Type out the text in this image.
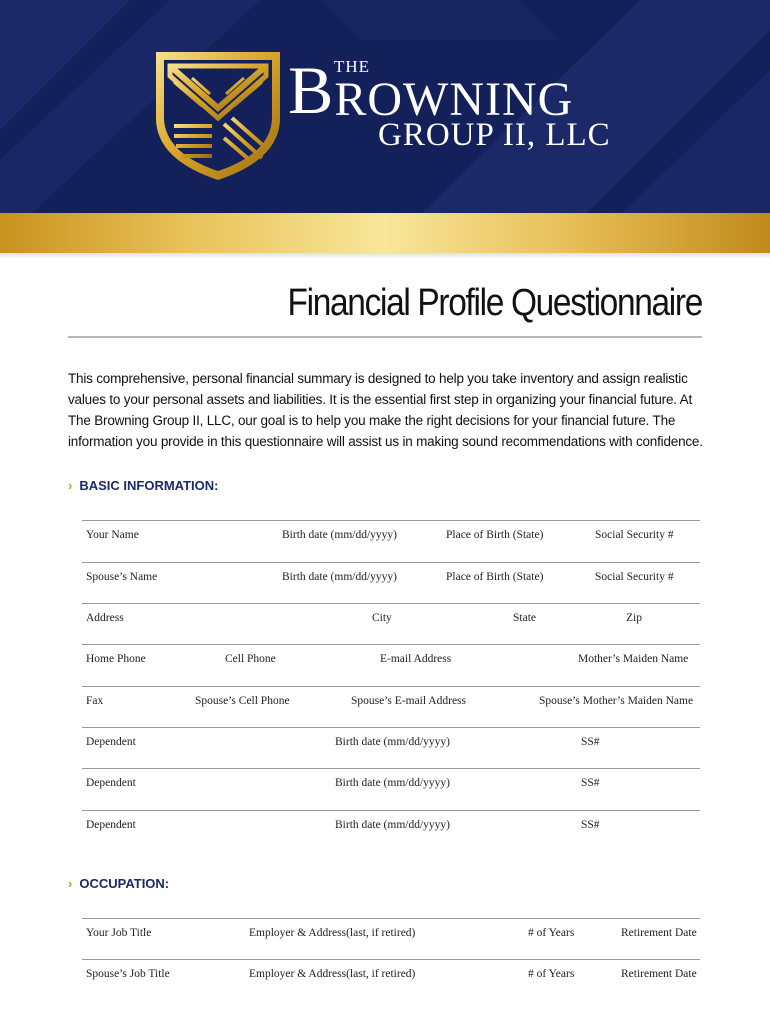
BROWNING
THE
GROUP II, LLC
Financial Profile Questionnaire

This comprehensive, personal financial summary is designed to help you take inventory and assign realistic

values to your personal assets and liabilities. It is the essential first step in organizing your financial future. At

The Browning Group II, LLC, our goal is to help you make the right decisions for your financial future. The

information you provide in this questionnaire will assist us in making sound recommendations with confidence.

› BASIC INFORMATION:
Your Name	Birth date (mm/dd/yyyy)	Place of Birth (State)	Social Security #
Spouse’s Name	Birth date (mm/dd/yyyy)	Place of Birth (State)	Social Security #
Address	City	State	Zip
Home Phone	Cell Phone	E-mail Address	Mother’s Maiden Name
Fax	Spouse’s Cell Phone	Spouse’s E-mail Address	Spouse’s Mother’s Maiden Name
Dependent	Birth date (mm/dd/yyyy)	SS#
Dependent	Birth date (mm/dd/yyyy)	SS#
Dependent	Birth date (mm/dd/yyyy)	SS#
› OCCUPATION:
Your Job Title	Employer & Address(last, if retired)	# of Years	Retirement Date
Spouse’s Job Title	Employer & Address(last, if retired)	# of Years	Retirement Date
